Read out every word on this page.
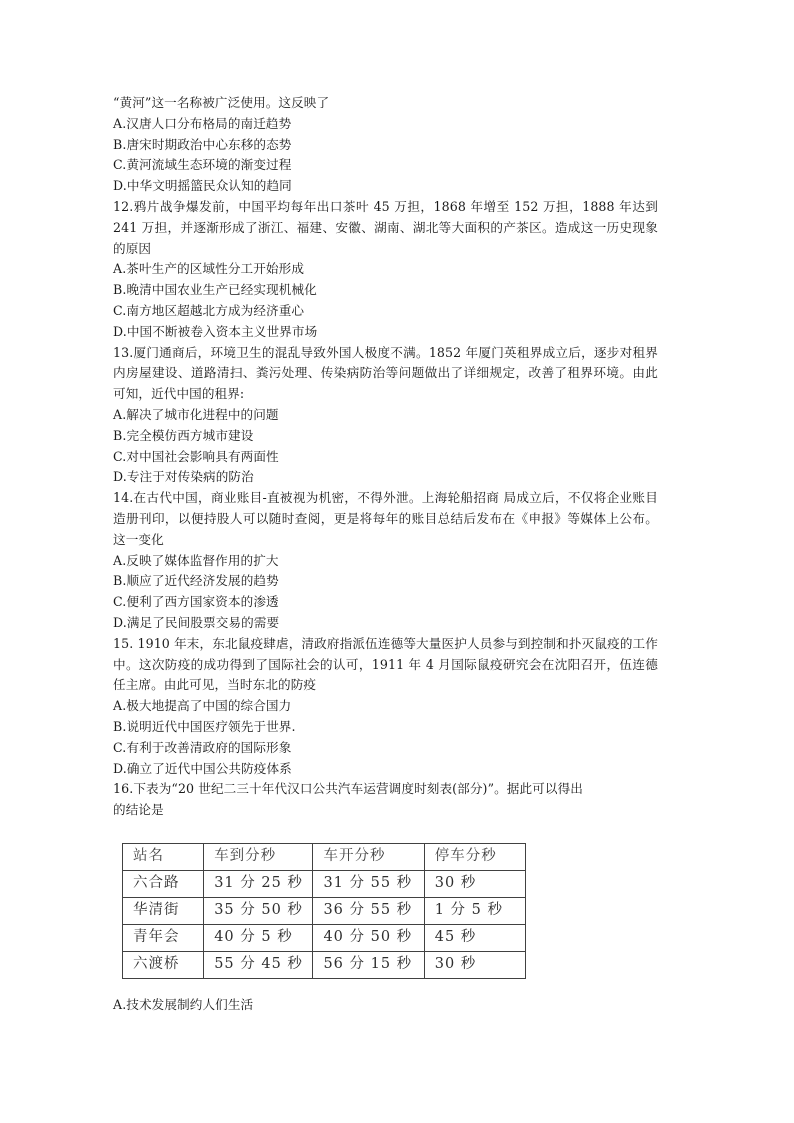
“黄河”这一名称被广泛使用。这反映了
A.汉唐人口分布格局的南迁趋势
B.唐宋时期政治中心东移的态势
C.黄河流域生态环境的渐变过程
D.中华文明摇篮民众认知的趋同
12.鸦片战争爆发前，中国平均每年出口茶叶 45 万担，1868 年增至 152 万担，1888 年达到 241 万担，并逐渐形成了浙江、福建、安徽、湖南、湖北等大面积的产茶区。造成这一历史现象的原因
A.茶叶生产的区域性分工开始形成
B.晚清中国农业生产已经实现机械化
C.南方地区超越北方成为经济重心
D.中国不断被卷入资本主义世界市场
13.厦门通商后，环境卫生的混乱导致外国人极度不满。1852 年厦门英租界成立后，逐步对租界内房屋建设、道路清扫、粪污处理、传染病防治等问题做出了详细规定，改善了租界环境。由此可知，近代中国的租界:
A.解决了城市化进程中的问题
B.完全模仿西方城市建设
C.对中国社会影响具有两面性
D.专注于对传染病的防治
14.在古代中国，商业账目-直被视为机密，不得外泄。上海轮船招商 局成立后，不仅将企业账目造册刊印，以便持股人可以随时查阅，更是将每年的账目总结后发布在《申报》等媒体上公布。这一变化
A.反映了媒体监督作用的扩大
B.顺应了近代经济发展的趋势
C.便利了西方国家资本的渗透
D.满足了民间股票交易的需要
15. 1910 年末，东北鼠疫肆虐，清政府指派伍连德等大量医护人员参与到控制和扑灭鼠疫的工作中。这次防疫的成功得到了国际社会的认可，1911 年 4 月国际鼠疫研究会在沈阳召开，伍连德任主席。由此可见，当时东北的防疫
A.极大地提高了中国的综合国力
B.说明近代中国医疗领先于世界.
C.有利于改善清政府的国际形象
D.确立了近代中国公共防疫体系
16.下表为“20 世纪二三十年代汉口公共汽车运营调度时刻表(部分)”。据此可以得出
的结论是
站名	车到分秒	车开分秒	停车分秒
六合路	31 分 25 秒	31 分 55 秒	30 秒
华清街	35 分 50 秒	36 分 55 秒	1 分 5 秒
青年会	40 分 5 秒	40 分 50 秒	45 秒
六渡桥	55 分 45 秒	56 分 15 秒	30 秒
A.技术发展制约人们生活
